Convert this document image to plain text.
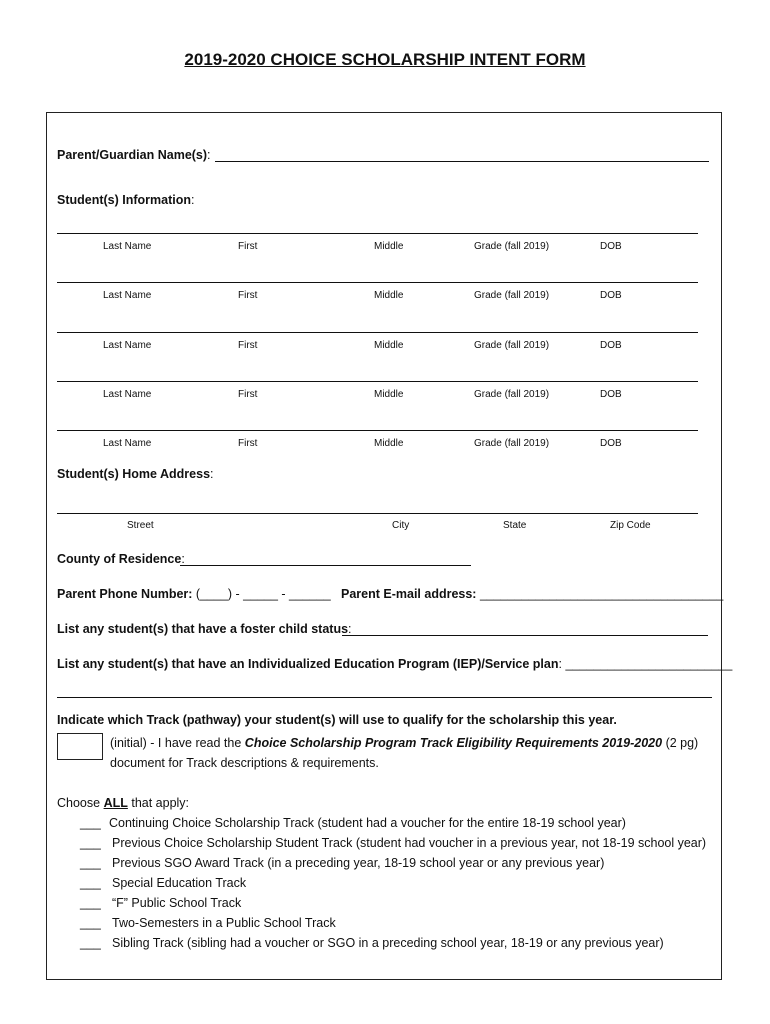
2019-2020 CHOICE SCHOLARSHIP INTENT FORM
Parent/Guardian Name(s):
Student(s) Information:
Last Name	First	Middle	Grade (fall 2019)	DOB
Last Name	First	Middle	Grade (fall 2019)	DOB
Last Name	First	Middle	Grade (fall 2019)	DOB
Last Name	First	Middle	Grade (fall 2019)	DOB
Last Name	First	Middle	Grade (fall 2019)	DOB
Student(s) Home Address:
Street	City	State	Zip Code
County of Residence:
Parent Phone Number: (____) - _____ - ______ Parent E-mail address: ___________________________________
List any student(s) that have a foster child status:
List any student(s) that have an Individualized Education Program (IEP)/Service plan: ________________________
Indicate which Track (pathway) your student(s) will use to qualify for the scholarship this year.
(initial) - I have read the Choice Scholarship Program Track Eligibility Requirements 2019-2020 (2 pg)
document for Track descriptions & requirements.
Choose ALL that apply:
___ Continuing Choice Scholarship Track (student had a voucher for the entire 18-19 school year)
___ Previous Choice Scholarship Student Track (student had voucher in a previous year, not 18-19 school year)
___ Previous SGO Award Track (in a preceding year, 18-19 school year or any previous year)
___ Special Education Track
___ “F” Public School Track
___ Two-Semesters in a Public School Track
___ Sibling Track (sibling had a voucher or SGO in a preceding school year, 18-19 or any previous year)
